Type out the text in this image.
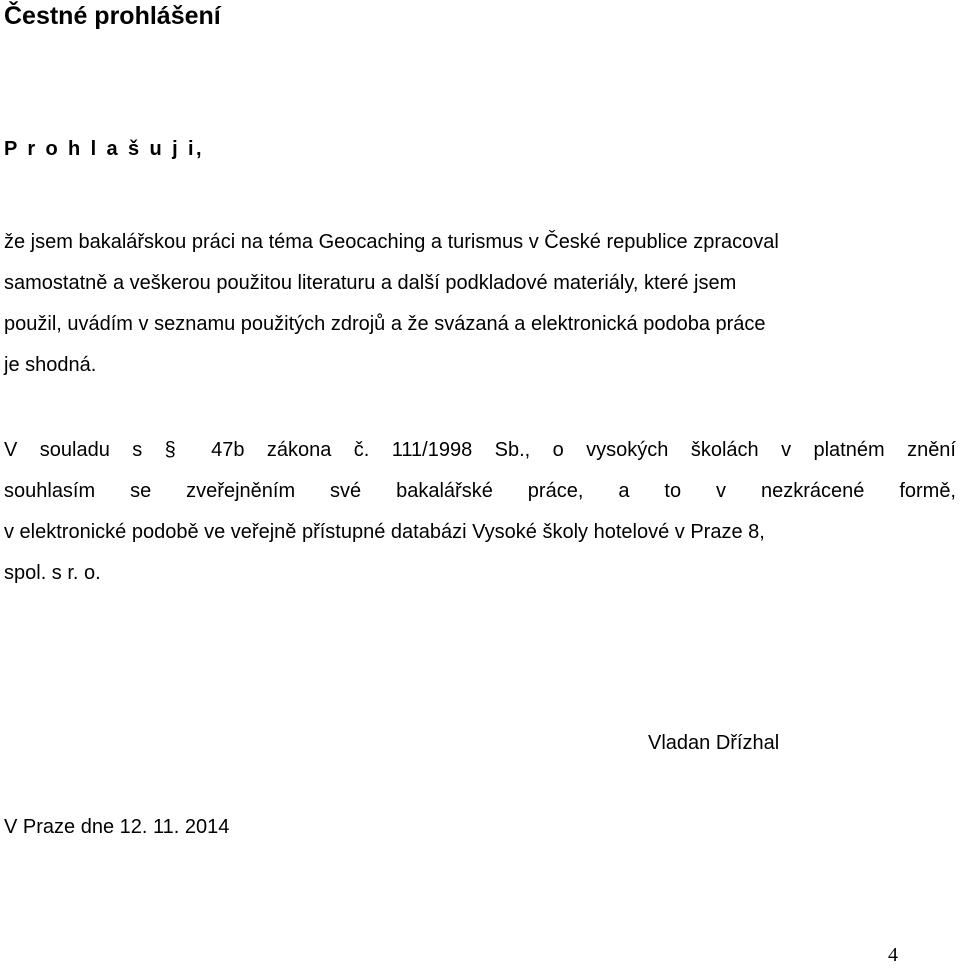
Čestné prohlášení

P r o h l a š u j i,

že jsem bakalářskou práci na téma Geocaching a turismus v České republice zpracoval
samostatně a veškerou použitou literaturu a další podkladové materiály, které jsem
použil, uvádím v seznamu použitých zdrojů a že svázaná a elektronická podoba práce
je shodná.
V souladu s § 47b zákona č. 111/1998 Sb., o vysokých školách v platném znění
souhlasím se zveřejněním své bakalářské práce, a to v nezkrácené formě,
v elektronické podobě ve veřejně přístupné databázi Vysoké školy hotelové v Praze 8,
spol. s r. o.

Vladan Dřízhal

V Praze dne 12. 11. 2014

4
